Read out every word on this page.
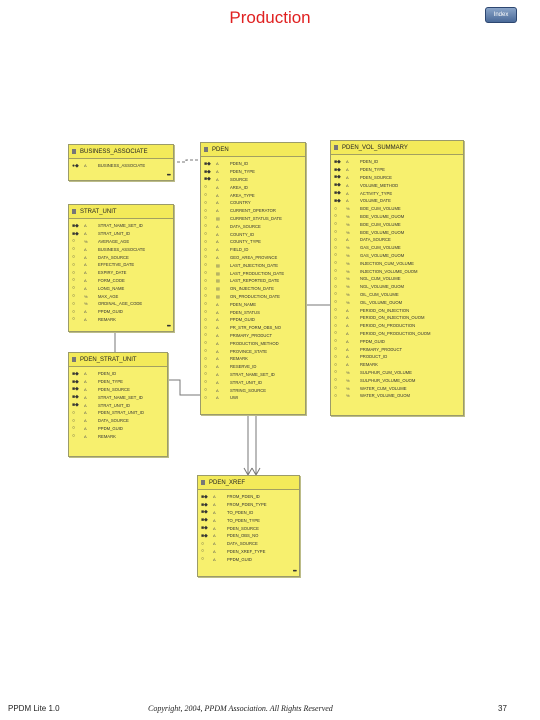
Production	Index
BUSINESS_ASSOCIATE
●◆	A	BUSINESS_ASSOCIATE
•••
STRAT_UNIT
■◆	A	STRAT_NAME_SET_ID
■◆	A	STRAT_UNIT_ID
○	%	AVERAGE_AGE
○	A	BUSINESS_ASSOCIATE
○	A	DATA_SOURCE
○	A	EFFECTIVE_DATE
○	A	EXPIRY_DATE
○	A	FORM_CODE
○	A	LONG_NAME
○	%	MAX_AGE
○	%	ORDINAL_AGE_CODE
○	A	PPDM_GUID
○	A	REMARK
•••
PDEN_STRAT_UNIT
■◆	A	PDEN_ID
■◆	A	PDEN_TYPE
■◆	A	PDEN_SOURCE
■◆	A	STRAT_NAME_SET_ID
■◆	A	STRAT_UNIT_ID
○	A	PDEN_STRAT_UNIT_ID
○	A	DATA_SOURCE
○	A	PPDM_GUID
○	A	REMARK
PDEN
■◆	A	PDEN_ID
■◆	A	PDEN_TYPE
■◆	A	SOURCE
○	A	AREA_ID
○	A	AREA_TYPE
○	A	COUNTRY
○	A	CURRENT_OPERATOR
○	▤	CURRENT_STATUS_DATE
○	A	DATA_SOURCE
○	A	COUNTY_ID
○	A	COUNTY_TYPE
○	A	FIELD_ID
○	A	GEO_AREA_PROVINCE
○	▤	LAST_INJECTION_DATE
○	▤	LAST_PRODUCTION_DATE
○	▤	LAST_REPORTED_DATE
○	▤	ON_INJECTION_DATE
○	▤	ON_PRODUCTION_DATE
○	A	PDEN_NAME
○	A	PDEN_STATUS
○	A	PPDM_GUID
○	A	PR_STR_FORM_OBS_NO
○	A	PRIMARY_PRODUCT
○	A	PRODUCTION_METHOD
○	A	PROVINCE_STATE
○	A	REMARK
○	A	RESERVE_ID
○	A	STRAT_NAME_SET_ID
○	A	STRAT_UNIT_ID
○	A	STRING_SOURCE
○	A	UWI
PDEN_VOL_SUMMARY
■◆	A	PDEN_ID
■◆	A	PDEN_TYPE
■◆	A	PDEN_SOURCE
■◆	A	VOLUME_METHOD
■◆	A	ACTIVITY_TYPE
■◆	A	VOLUME_DATE
○	%	BOE_CUM_VOLUME
○	%	BOE_VOLUME_OUOM
○	%	BOE_CUM_VOLUME
○	%	BOE_VOLUME_OUOM
○	A	DATA_SOURCE
○	%	GAS_CUM_VOLUME
○	%	GAS_VOLUME_OUOM
○	%	INJECTION_CUM_VOLUME
○	%	INJECTION_VOLUME_OUOM
○	%	NGL_CUM_VOLUME
○	%	NGL_VOLUME_OUOM
○	%	OIL_CUM_VOLUME
○	%	OIL_VOLUME_OUOM
○	A	PERIOD_ON_INJECTION
○	A	PERIOD_ON_INJECTION_OUOM
○	A	PERIOD_ON_PRODUCTION
○	A	PERIOD_ON_PRODUCTION_OUOM
○	A	PPDM_GUID
○	A	PRIMARY_PRODUCT
○	A	PRODUCT_ID
○	A	REMARK
○	%	SULPHUR_CUM_VOLUME
○	%	SULPHUR_VOLUME_OUOM
○	%	WATER_CUM_VOLUME
○	%	WATER_VOLUME_OUOM
PDEN_XREF
■◆	A	FROM_PDEN_ID
■◆	A	FROM_PDEN_TYPE
■◆	A	TO_PDEN_ID
■◆	A	TO_PDEN_TYPE
■◆	A	PDEN_SOURCE
■◆	A	PDEN_OBS_NO
○	A	DATA_SOURCE
○	A	PDEN_XREF_TYPE
○	A	PPDM_GUID
•••
PPDM Lite 1.0	Copyright, 2004, PPDM Association. All Rights Reserved	37
